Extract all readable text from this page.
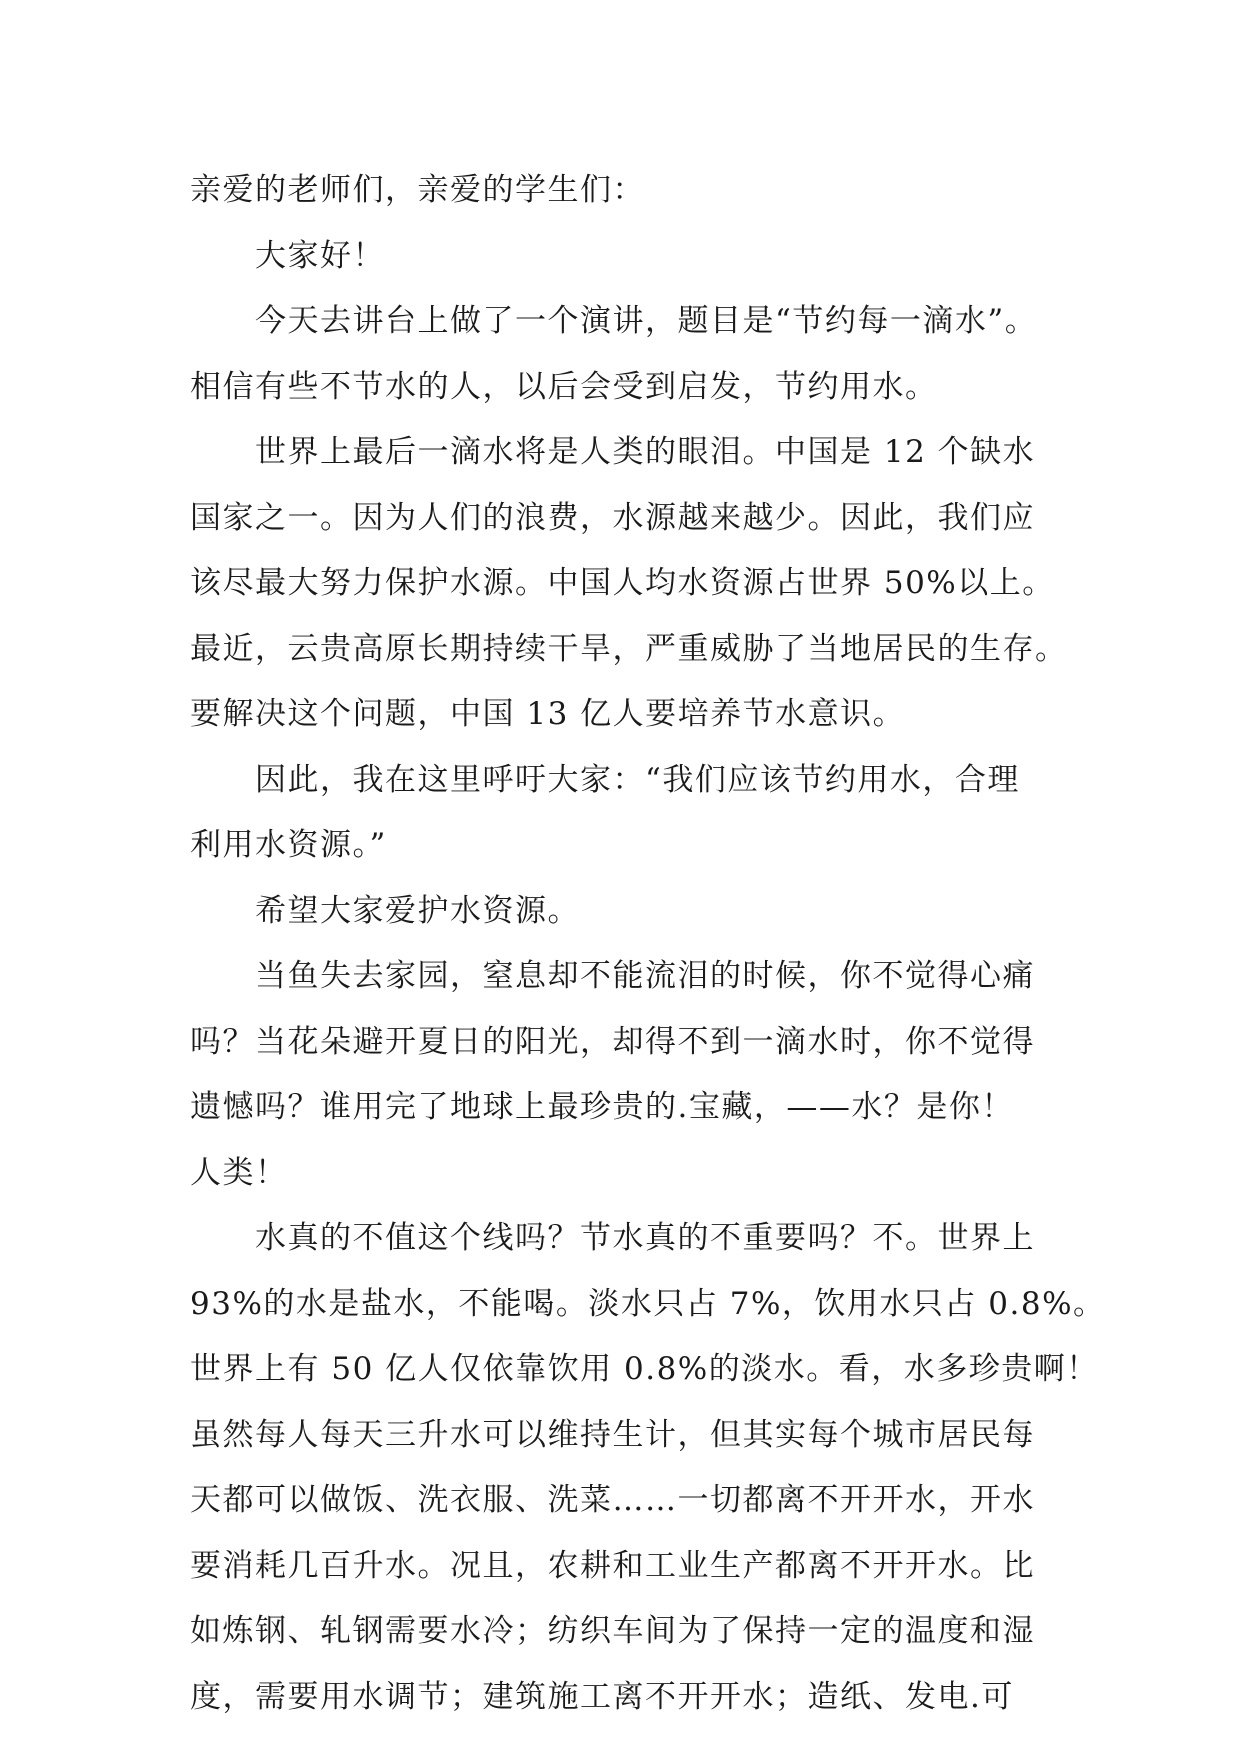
亲爱的老师们，亲爱的学生们：
大家好！
今天去讲台上做了一个演讲，题目是“节约每一滴水”。
相信有些不节水的人，以后会受到启发，节约用水。
世界上最后一滴水将是人类的眼泪。中国是 12 个缺水
国家之一。因为人们的浪费，水源越来越少。因此，我们应
该尽最大努力保护水源。中国人均水资源占世界 50%以上。
最近，云贵高原长期持续干旱，严重威胁了当地居民的生存。
要解决这个问题，中国 13 亿人要培养节水意识。
因此，我在这里呼吁大家：“我们应该节约用水，合理
利用水资源。”
希望大家爱护水资源。
当鱼失去家园，窒息却不能流泪的时候，你不觉得心痛
吗？当花朵避开夏日的阳光，却得不到一滴水时，你不觉得
遗憾吗？谁用完了地球上最珍贵的.宝藏，——水？是你！
人类！
水真的不值这个线吗？节水真的不重要吗？不。世界上
93%的水是盐水，不能喝。淡水只占 7%，饮用水只占 0.8%。
世界上有 50 亿人仅依靠饮用 0.8%的淡水。看，水多珍贵啊！
虽然每人每天三升水可以维持生计，但其实每个城市居民每
天都可以做饭、洗衣服、洗菜……一切都离不开开水，开水
要消耗几百升水。况且，农耕和工业生产都离不开开水。比
如炼钢、轧钢需要水冷；纺织车间为了保持一定的温度和湿
度，需要用水调节；建筑施工离不开开水；造纸、发电.可
